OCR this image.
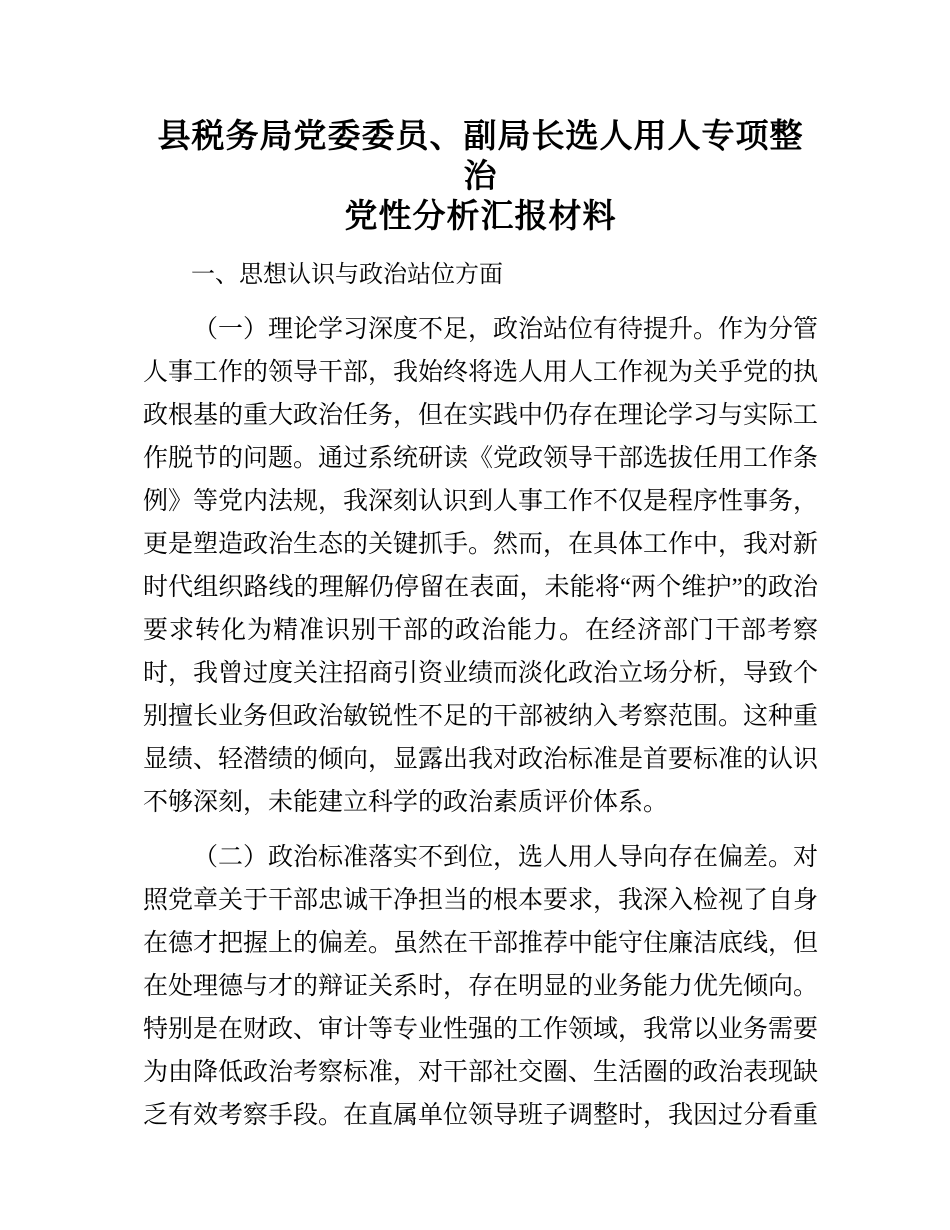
县税务局党委委员、副局长选人用人专项整治
党性分析汇报材料
一、思想认识与政治站位方面

（一）理论学习深度不足，政治站位有待提升。作为分管人事工作的领导干部，我始终将选人用人工作视为关乎党的执政根基的重大政治任务，但在实践中仍存在理论学习与实际工作脱节的问题。通过系统研读《党政领导干部选拔任用工作条例》等党内法规，我深刻认识到人事工作不仅是程序性事务，更是塑造政治生态的关键抓手。然而，在具体工作中，我对新时代组织路线的理解仍停留在表面，未能将“两个维护”的政治要求转化为精准识别干部的政治能力。在经济部门干部考察时，我曾过度关注招商引资业绩而淡化政治立场分析，导致个别擅长业务但政治敏锐性不足的干部被纳入考察范围。这种重显绩、轻潜绩的倾向，显露出我对政治标准是首要标准的认识不够深刻，未能建立科学的政治素质评价体系。

（二）政治标准落实不到位，选人用人导向存在偏差。对照党章关于干部忠诚干净担当的根本要求，我深入检视了自身在德才把握上的偏差。虽然在干部推荐中能守住廉洁底线，但在处理德与才的辩证关系时，存在明显的业务能力优先倾向。特别是在财政、审计等专业性强的工作领域，我常以业务需要为由降低政治考察标准，对干部社交圈、生活圈的政治表现缺乏有效考察手段。在直属单位领导班子调整时，我因过分看重
